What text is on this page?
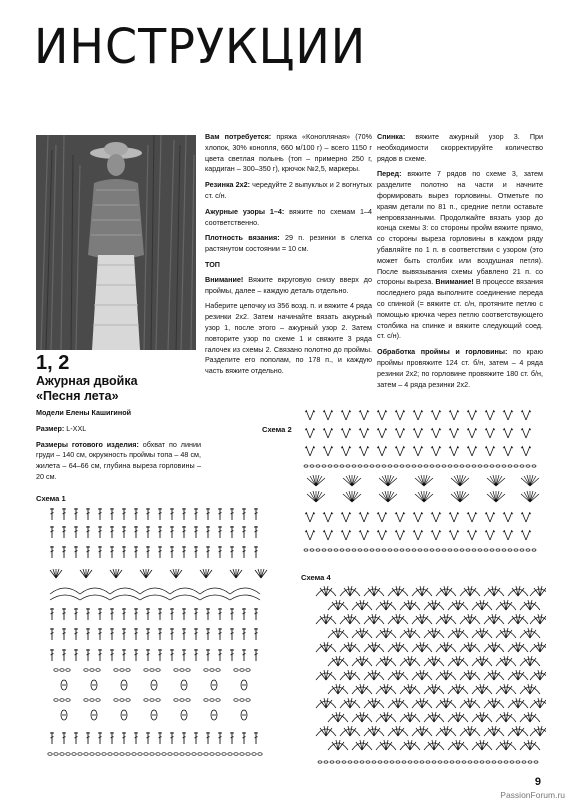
ИНСТРУКЦИИ
1, 2
Ажурная двойка
«Песня лета»

Модели Елены Кашигиной

Размер: L-XXL

Размеры готового изделия: обхват по линии груди – 140 см, окружность проймы топа – 48 см, жилета – 64–66 см, глубина выреза горловины – 20 см.

Вам потребуется: пряжа «Конопляная» (70% хлопок, 30% конопля, 660 м/100 г) – всего 1150 г цвета светлая полынь (топ – примерно 250 г, кардиган – 300–350 г), крючок №2,5, маркеры.

Резинка 2х2: чередуйте 2 выпуклых и 2 вогнутых ст. с/н.

Ажурные узоры 1–4: вяжите по схемам 1–4 соответственно.

Плотность вязания: 29 п. резинки в слегка растянутом состоянии = 10 см.

ТОП

Внимание! Вяжите вкруговую снизу вверх до проймы, далее – каждую деталь отдельно.

Наберите цепочку из 356 возд. п. и вяжите 4 ряда резинки 2х2. Затем начинайте вязать ажурный узор 1, после этого – ажурный узор 2. Затем повторите узор по схеме 1 и свяжите 3 ряда галочек из схемы 2. Связано полотно до проймы. Разделите его пополам, по 178 п., и каждую часть вяжите отдельно.

Спинка: вяжите ажурный узор 3. При необходимости скорректируйте количество рядов в схеме.

Перед: вяжите 7 рядов по схеме 3, затем разделите полотно на части и начните формировать вырез горловины. Отметьте по краям детали по 81 п., средние петли оставьте непровязанными. Продолжайте вязать узор до конца схемы 3: со стороны пройм вяжите прямо, со стороны выреза горловины в каждом ряду убавляйте по 1 п. в соответствии с узором (это может быть столбик или воздушная петля). После вывязывания схемы убавлено 21 п. со стороны выреза. Внимание! В процессе вязания последнего ряда выполните соединение переда со спинкой (= вяжите ст. с/н, протяните петлю с помощью крючка через петлю соответствующего столбика на спинке и вяжите следующий соед. ст. с/н).

Обработка проймы и горловины: по краю проймы провяжите 124 ст. б/н, затем – 4 ряда резинки 2х2; по горловине провяжите 180 ст. б/н, затем – 4 ряда резинки 2х2.

Схема 1
Схема 2
Схема 4
9
PassionForum.ru
